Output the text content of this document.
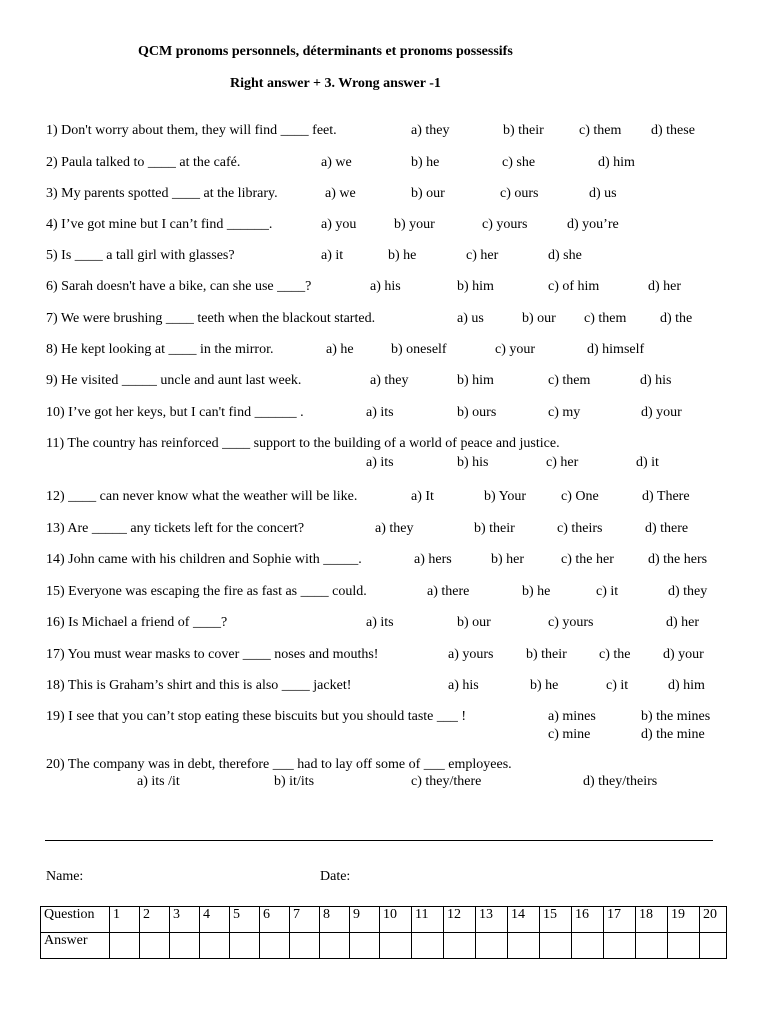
QCM pronoms personnels, déterminants et pronoms possessifs
Right answer + 3. Wrong answer -1
1) Don't worry about them, they will find ____ feet.	a) they	b) their	c) them d) these
2) Paula talked to ____ at the café.	a) we	b) he	c) she	d) him
3) My parents spotted ____ at the library.	a) we	b) our	c) ours	d) us
4) I’ve got mine but I can’t find ______.	a) you	b) your	c) yours	d) you’re
5) Is ____ a tall girl with glasses?	a) it	b) he	c) her	d) she
6) Sarah doesn't have a bike, can she use ____?	a) his	b) him	c) of him	d) her
7) We were brushing ____ teeth when the blackout started.	a) us	b) our c) them d) the
8) He kept looking at ____ in the mirror.	a) he	b) oneself	c) your	d) himself
9) He visited _____ uncle and aunt last week.	a) they	b) him	c) them	d) his
10) I’ve got her keys, but I can't find ______ .	a) its	b) ours	c) my	d) your
11) The country has reinforced ____ support to the building of a world of peace and justice.
a) its	b) his	c) her	d) it
12) ____ can never know what the weather will be like.	a) It	b) Your c) One	d) There
13) Are _____ any tickets left for the concert?	a) they	b) their	c) theirs	d) there
14) John came with his children and Sophie with _____.	a) hers	b) her	c) the her d) the hers
15) Everyone was escaping the fire as fast as ____ could.	a) there	b) he	c) it	d) they
16) Is Michael a friend of ____?	a) its	b) our	c) yours	d) her
17) You must wear masks to cover ____ noses and mouths!	a) yours b) their c) the d) your
18) This is Graham’s shirt and this is also ____ jacket!	a) his	b) he	c) it	d) him
19) I see that you can’t stop eating these biscuits but you should taste ___ !	a) mines	b) the mines
c) mine	d) the mine
20) The company was in debt, therefore ___ had to lay off some of ___ employees.
a) its /it	b) it/its	c) they/there	d) they/theirs
Name:	Date:
Question	1	2	3	4	5	6	7	8	9	10	11	12	13	14	15	16	17	18	19	20
Answer																				
